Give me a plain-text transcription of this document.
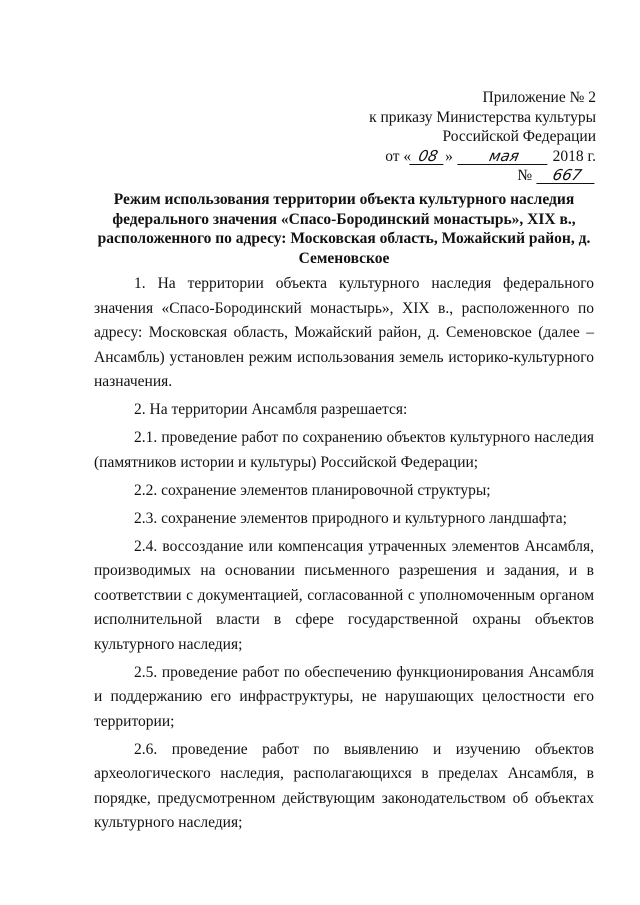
Приложение № 2
к приказу Министерства культуры
Российской Федерации
от « 08 » мая 2018 г.
№ 667
Режим использования территории объекта культурного наследия федерального значения «Спасо-Бородинский монастырь», XIX в., расположенного по адресу: Московская область, Можайский район, д. Семеновское

1. На территории объекта культурного наследия федерального значения «Спасо-Бородинский монастырь», XIX в., расположенного по адресу: Московская область, Можайский район, д. Семеновское (далее – Ансамбль) установлен режим использования земель историко-культурного назначения.

2. На территории Ансамбля разрешается:

2.1. проведение работ по сохранению объектов культурного наследия (памятников истории и культуры) Российской Федерации;

2.2. сохранение элементов планировочной структуры;

2.3. сохранение элементов природного и культурного ландшафта;

2.4. воссоздание или компенсация утраченных элементов Ансамбля, производимых на основании письменного разрешения и задания, и в соответствии с документацией, согласованной с уполномоченным органом исполнительной власти в сфере государственной охраны объектов культурного наследия;

2.5. проведение работ по обеспечению функционирования Ансамбля и поддержанию его инфраструктуры, не нарушающих целостности его территории;

2.6. проведение работ по выявлению и изучению объектов археологического наследия, располагающихся в пределах Ансамбля, в порядке, предусмотренном действующим законодательством об объектах культурного наследия;
